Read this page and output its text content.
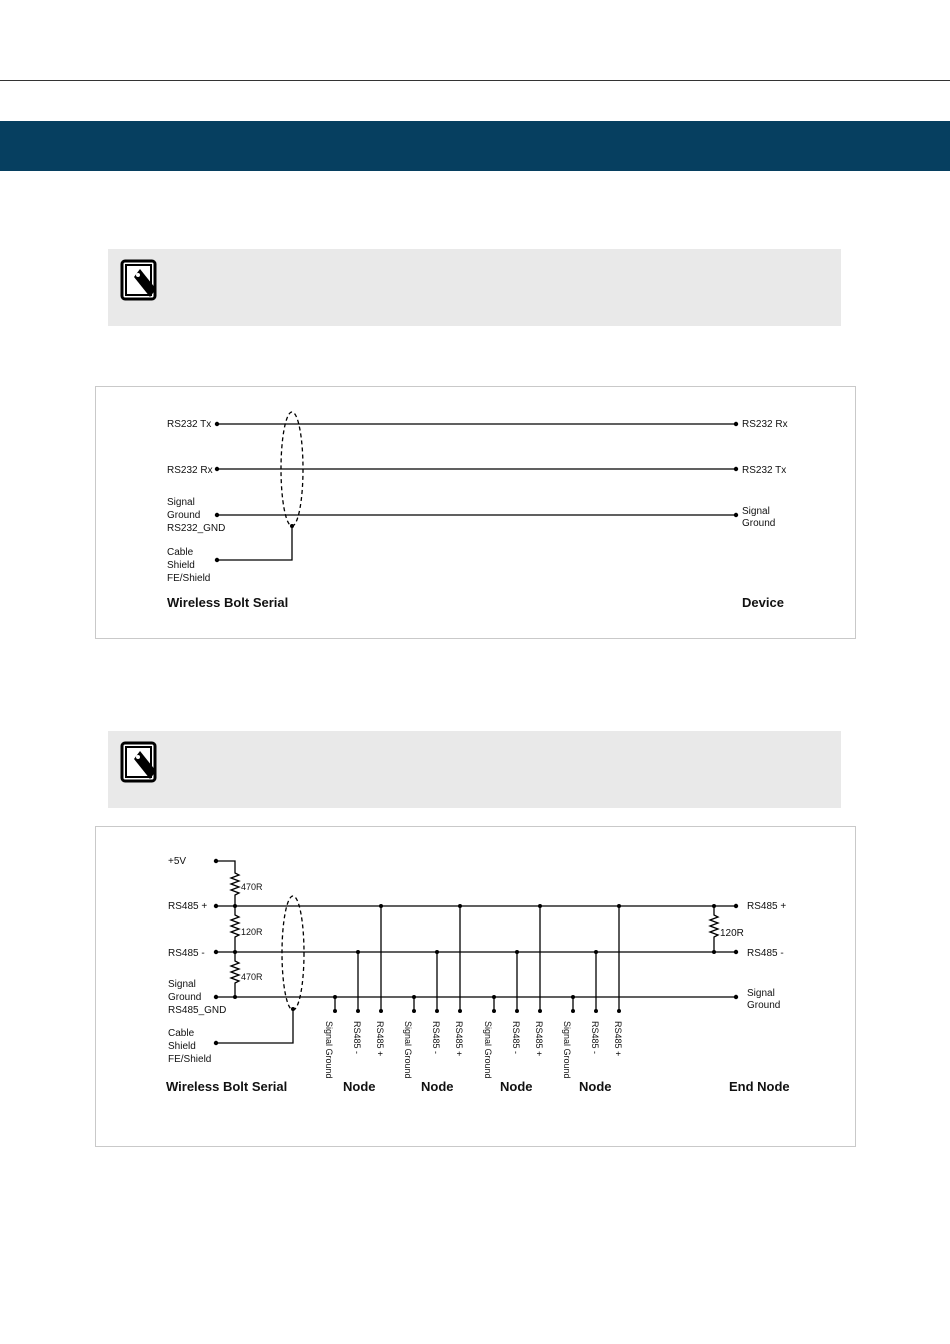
RS232 Tx
RS232 Rx
Signal
Ground
RS232_GND
Cable
Shield
FE/Shield
RS232 Rx
RS232 Tx
Signal
Ground
Wireless Bolt Serial	Device
+5V
RS485 +
RS485 -
Signal
Ground
RS485_GND
Cable
Shield
FE/Shield
470R
120R
470R
120R
RS485 +
RS485 -
Signal
Ground
Signal Ground RS485 - RS485 + Signal Ground RS485 - RS485 + Signal Ground RS485 - RS485 + Signal Ground RS485 - RS485 +
Wireless Bolt Serial	Node	Node	Node	Node	End Node
